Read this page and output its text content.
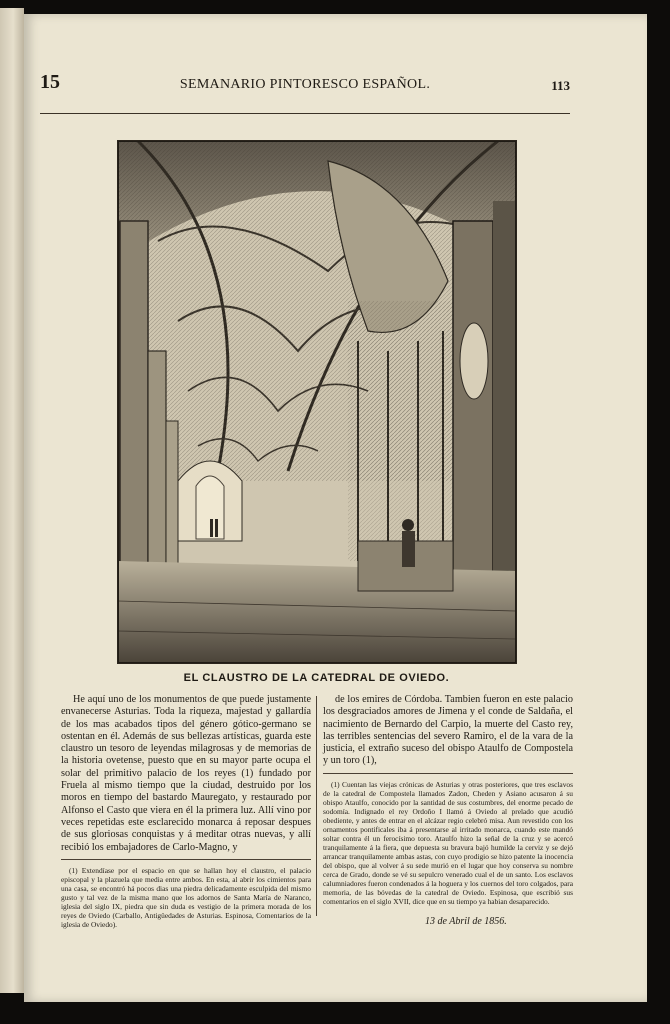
15	SEMANARIO PINTORESCO ESPAÑOL.	113
EL CLAUSTRO DE LA CATEDRAL DE OVIEDO.

He aquí uno de los monumentos de que puede justamente envanecerse Asturias. Toda la riqueza, majestad y gallardía de los mas acabados tipos del género gótico-germano se ostentan en él. Además de sus bellezas artísticas, guarda este claustro un tesoro de leyendas milagrosas y de memorias de la historia ovetense, puesto que en su mayor parte ocupa el solar del primitivo palacio de los reyes (1) fundado por Fruela al mismo tiempo que la ciudad, destruido por los moros en tiempo del bastardo Mauregato, y restaurado por Alfonso el Casto que viera en él la primera luz. Allí vino por veces repetidas este esclarecido monarca á reposar despues de sus gloriosas conquistas y á meditar otras nuevas, y allí recibió los embajadores de Carlo-Magno, y

(1) Extendíase por el espacio en que se hallan hoy el claustro, el palacio episcopal y la plazuela que media entre ambos. En esta, al abrir los cimientos para una casa, se encontró há pocos dias una piedra delicadamente esculpida del mismo gusto y tal vez de la misma mano que los adornos de Santa María de Naranco, iglesia del siglo IX, piedra que sin duda es vestigio de la primera morada de los reyes de Oviedo (Carballo, Antigüedades de Asturias. Espinosa, Comentarios de la iglesia de Oviedo).

de los emires de Córdoba. Tambien fueron en este palacio los desgraciados amores de Jimena y el conde de Saldaña, el nacimiento de Bernardo del Carpio, la muerte del Casto rey, las terribles sentencias del severo Ramiro, el de la vara de la justicia, el extraño suceso del obispo Ataulfo de Compostela y un toro (1),

(1) Cuentan las viejas crónicas de Asturias y otras posteriores, que tres esclavos de la catedral de Compostela llamados Zadon, Cheden y Asiano acusaron á su obispo Ataulfo, conocido por la santidad de sus costumbres, del enorme pecado de sodomía. Indignado el rey Ordoño I llamó á Oviedo al prelado que acudió obediente, y antes de entrar en el alcázar regio celebró misa. Aun revestido con los ornamentos pontificales iba á presentarse al irritado monarca, cuando este mandó soltar contra él un ferocísimo toro. Ataulfo hizo la señal de la cruz y se acercó tranquilamente á la fiera, que depuesta su bravura bajó humilde la cerviz y se dejó arrancar tranquilamente ambas astas, con cuyo prodigio se hizo patente la inocencia del obispo, que al volver á su sede murió en el lugar que hoy conserva su nombre cerca de Grado, donde se vé su sepulcro venerado cual el de un santo. Los esclavos calumniadores fueron condenados á la hoguera y los cuernos del toro colgados, para memoria, de las bóvedas de la catedral de Oviedo. Espinosa, que escribió sus comentarios en el siglo XVII, dice que en su tiempo ya habian desaparecido.

13 de Abril de 1856.
